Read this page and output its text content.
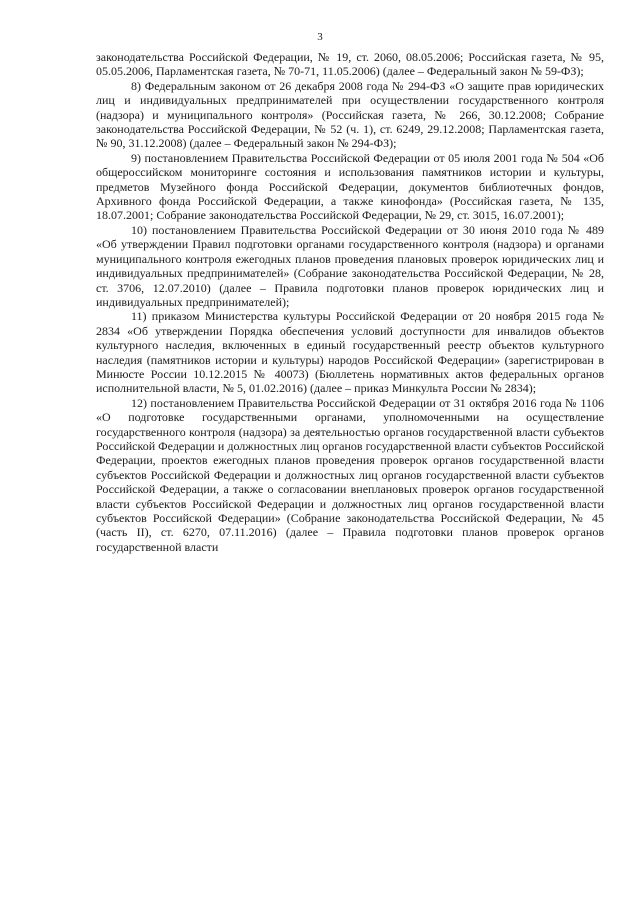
3

законодательства Российской Федерации, № 19, ст. 2060, 08.05.2006; Российская газета, № 95, 05.05.2006, Парламентская газета, № 70-71, 11.05.2006) (далее – Федеральный закон № 59-ФЗ);

8) Федеральным законом от 26 декабря 2008 года № 294-ФЗ «О защите прав юридических лиц и индивидуальных предпринимателей при осуществлении государственного контроля (надзора) и муниципального контроля» (Российская газета, № 266, 30.12.2008; Собрание законодательства Российской Федерации, № 52 (ч. 1), ст. 6249, 29.12.2008; Парламентская газета, № 90, 31.12.2008) (далее – Федеральный закон № 294-ФЗ);

9) постановлением Правительства Российской Федерации от 05 июля 2001 года № 504 «Об общероссийском мониторинге состояния и использования памятников истории и культуры, предметов Музейного фонда Российской Федерации, документов библиотечных фондов, Архивного фонда Российской Федерации, а также кинофонда» (Российская газета, № 135, 18.07.2001; Собрание законодательства Российской Федерации, № 29, ст. 3015, 16.07.2001);

10) постановлением Правительства Российской Федерации от 30 июня 2010 года № 489 «Об утверждении Правил подготовки органами государственного контроля (надзора) и органами муниципального контроля ежегодных планов проведения плановых проверок юридических лиц и индивидуальных предпринимателей» (Собрание законодательства Российской Федерации, № 28, ст. 3706, 12.07.2010) (далее – Правила подготовки планов проверок юридических лиц и индивидуальных предпринимателей);

11) приказом Министерства культуры Российской Федерации от 20 ноября 2015 года № 2834 «Об утверждении Порядка обеспечения условий доступности для инвалидов объектов культурного наследия, включенных в единый государственный реестр объектов культурного наследия (памятников истории и культуры) народов Российской Федерации» (зарегистрирован в Минюсте России 10.12.2015 № 40073) (Бюллетень нормативных актов федеральных органов исполнительной власти, № 5, 01.02.2016) (далее – приказ Минкульта России № 2834);

12) постановлением Правительства Российской Федерации от 31 октября 2016 года № 1106 «О подготовке государственными органами, уполномоченными на осуществление государственного контроля (надзора) за деятельностью органов государственной власти субъектов Российской Федерации и должностных лиц органов государственной власти субъектов Российской Федерации, проектов ежегодных планов проведения проверок органов государственной власти субъектов Российской Федерации и должностных лиц органов государственной власти субъектов Российской Федерации, а также о согласовании внеплановых проверок органов государственной власти субъектов Российской Федерации и должностных лиц органов государственной власти субъектов Российской Федерации» (Собрание законодательства Российской Федерации, № 45 (часть II), ст. 6270, 07.11.2016) (далее – Правила подготовки планов проверок органов государственной власти
